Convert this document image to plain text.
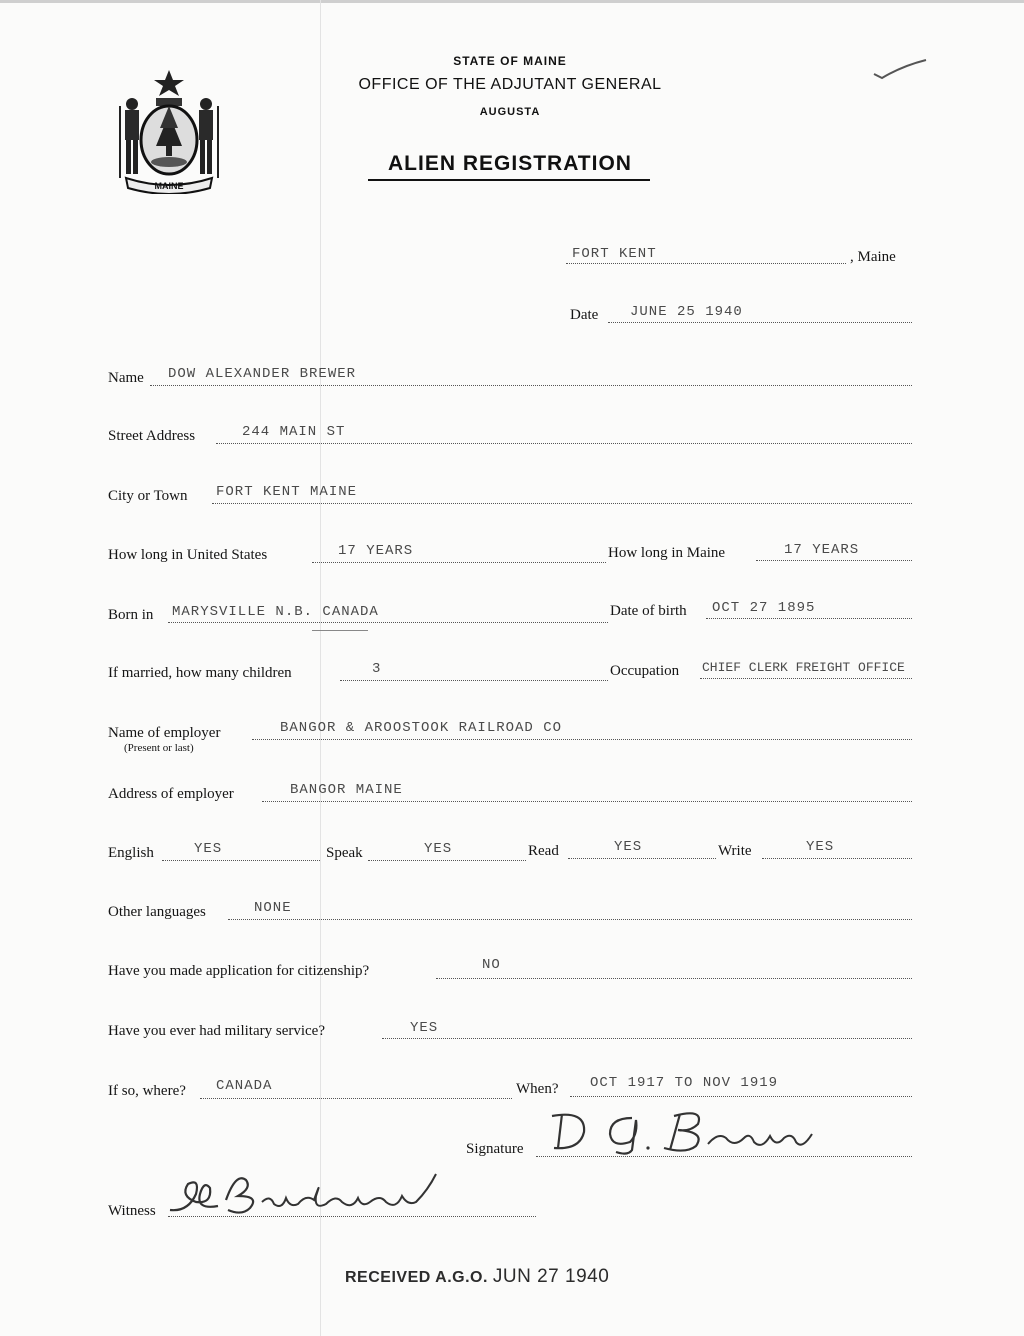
MAINE
STATE OF MAINE
OFFICE OF THE ADJUTANT GENERAL
AUGUSTA
ALIEN REGISTRATION
FORT KENT	, Maine
Date JUNE 25 1940
Name DOW ALEXANDER BREWER
Street Address	244 MAIN ST
City or Town FORT KENT MAINE
How long in United States	17 YEARS	How long in Maine	17 YEARS
Born in MARYSVILLE N.B. CANADA	Date of birth OCT 27 1895
If married, how many children	3	Occupation CHIEF CLERK FREIGHT OFFICE
Name of employer
(Present or last)
BANGOR & AROOSTOOK RAILROAD CO
Address of employer	BANGOR MAINE
English	YES	Speak	YES	Read	YES	Write	YES
Other languages	NONE
Have you made application for citizenship?	NO
Have you ever had military service?	YES
If so, where? CANADA	When? OCT 1917 TO NOV 1919
Signature
Witness
RECEIVED A.G.O. JUN 27 1940
